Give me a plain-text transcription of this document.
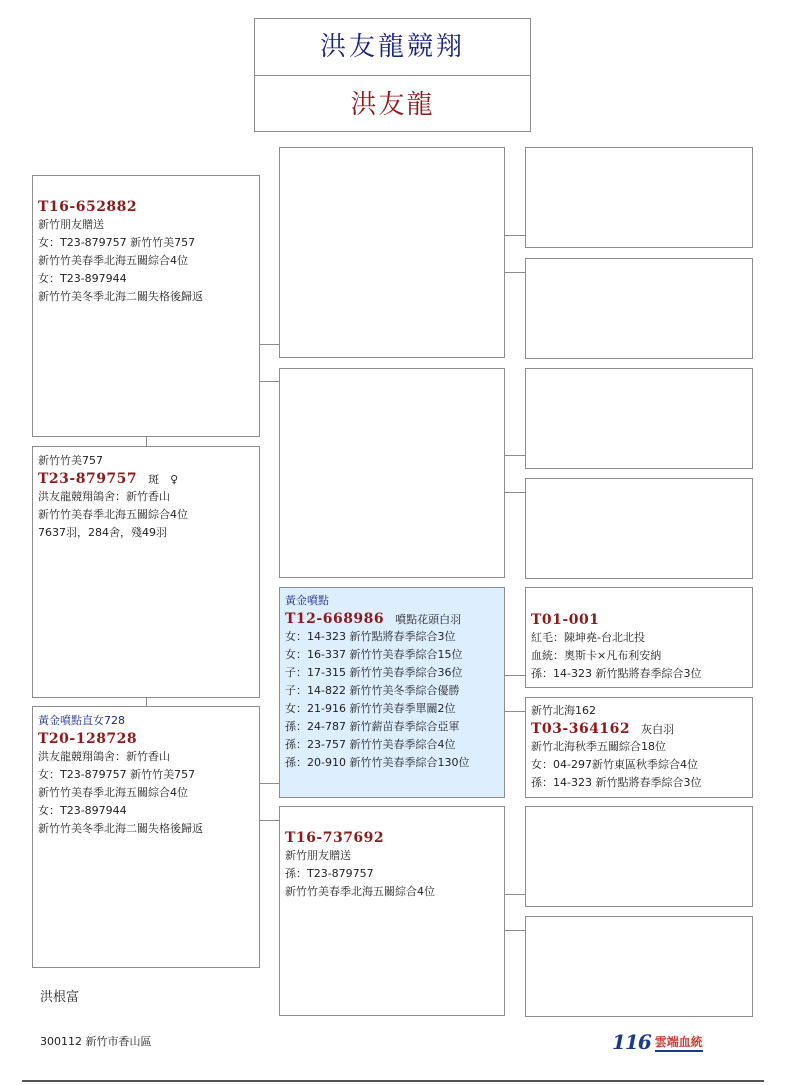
洪友龍競翔
洪友龍
T16-652882
新竹朋友贈送
女：T23-879757 新竹竹美757
新竹竹美春季北海五關綜合4位
女：T23-897944
新竹竹美冬季北海二關失格後歸返
新竹竹美757
T23-879757　 斑　♀
洪友龍競翔鴿舍：新竹香山
新竹竹美春季北海五關綜合4位
7637羽，284舍，殘49羽
黃金噴點直女728
T20-128728
洪友龍競翔鴿舍：新竹香山
女：T23-879757 新竹竹美757
新竹竹美春季北海五關綜合4位
女：T23-897944
新竹竹美冬季北海二關失格後歸返
黃金噴點
T12-668986　 噴點花頭白羽
女：14-323 新竹點將春季綜合3位
女：16-337 新竹竹美春季綜合15位
子：17-315 新竹竹美春季綜合36位
子：14-822 新竹竹美冬季綜合優勝
女：21-916 新竹竹美春季單關2位
孫：24-787 新竹薪苗春季綜合亞軍
孫：23-757 新竹竹美春季綜合4位
孫：20-910 新竹竹美春季綜合130位
T16-737692
新竹朋友贈送
孫：T23-879757
新竹竹美春季北海五關綜合4位
T01-001
紅毛：陳坤堯-台北北投
血統：奧斯卡×凡布利安納
孫：14-323 新竹點將春季綜合3位
新竹北海162
T03-364162　 灰白羽
新竹北海秋季五關綜合18位
女：04-297新竹東區秋季綜合4位
孫：14-323 新竹點將春季綜合3位
洪根富
300112 新竹市香山區	116 雲端血統
